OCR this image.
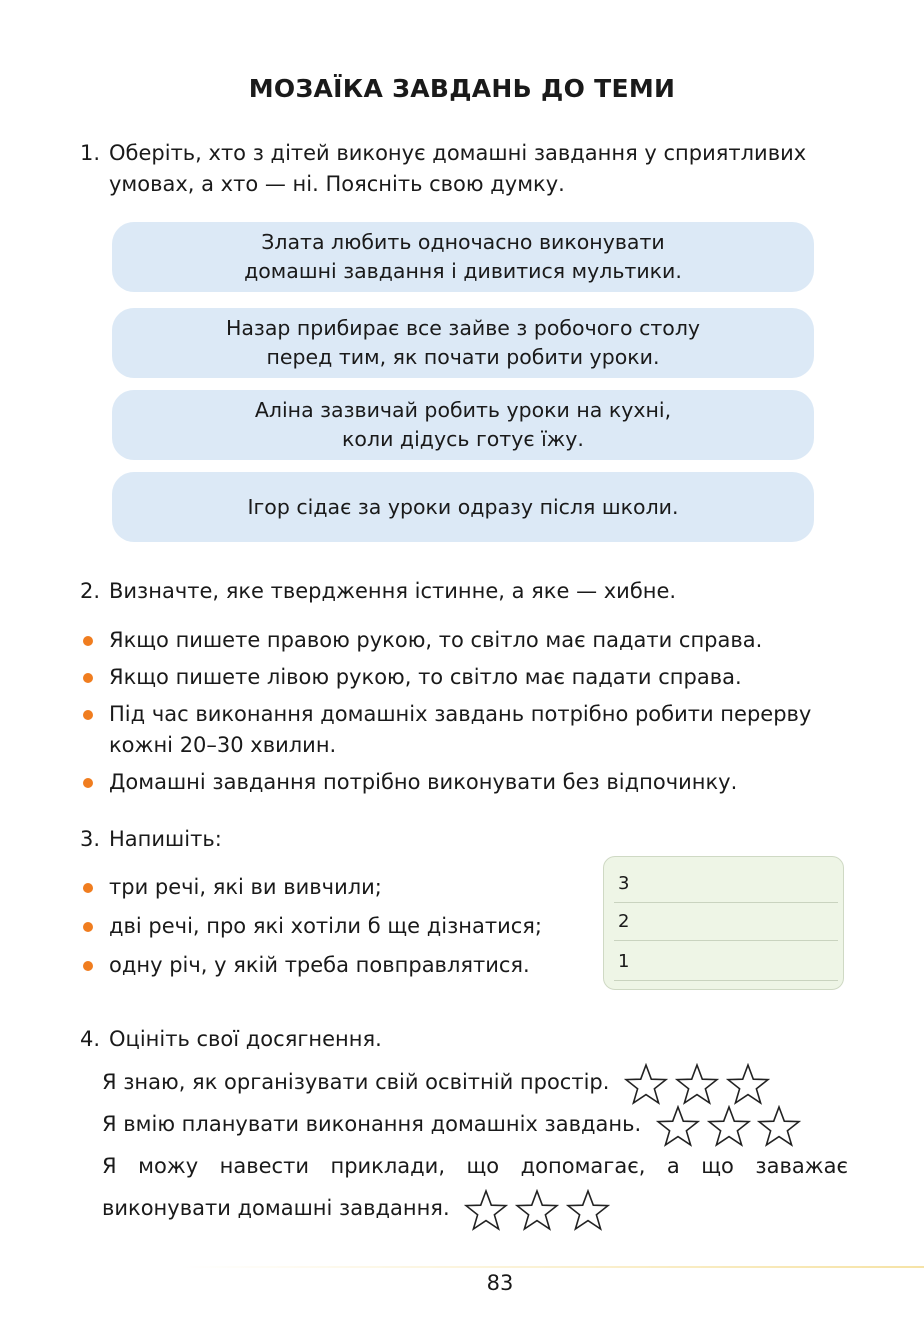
МОЗАЇКА ЗАВДАНЬ ДО ТЕМИ
1. Оберіть, хто з дітей виконує домашні завдання у сприятливих умовах, а хто — ні. Поясніть свою думку.
Злата любить одночасно виконувати
домашні завдання і дивитися мультики.
Назар прибирає все зайве з робочого столу
перед тим, як почати робити уроки.
Аліна зазвичай робить уроки на кухні,
коли дідусь готує їжу.
Ігор сідає за уроки одразу після школи.
2. Визначте, яке твердження істинне, а яке — хибне.
Якщо пишете правою рукою, то світло має падати справа.
Якщо пишете лівою рукою, то світло має падати справа.
Під час виконання домашніх завдань потрібно робити перерву кожні 20–30 хвилин.
Домашні завдання потрібно виконувати без відпочинку.
3. Напишіть:
три речі, які ви вивчили;
дві речі, про які хотіли б ще дізнатися;
одну річ, у якій треба повправлятися.
3
2
1
4. Оцініть свої досягнення.
Я знаю, як організувати свій освітній простір.
Я вмію планувати виконання домашніх завдань.
Я можу навести приклади, що допомагає, а що заважає
виконувати домашні завдання.
83
